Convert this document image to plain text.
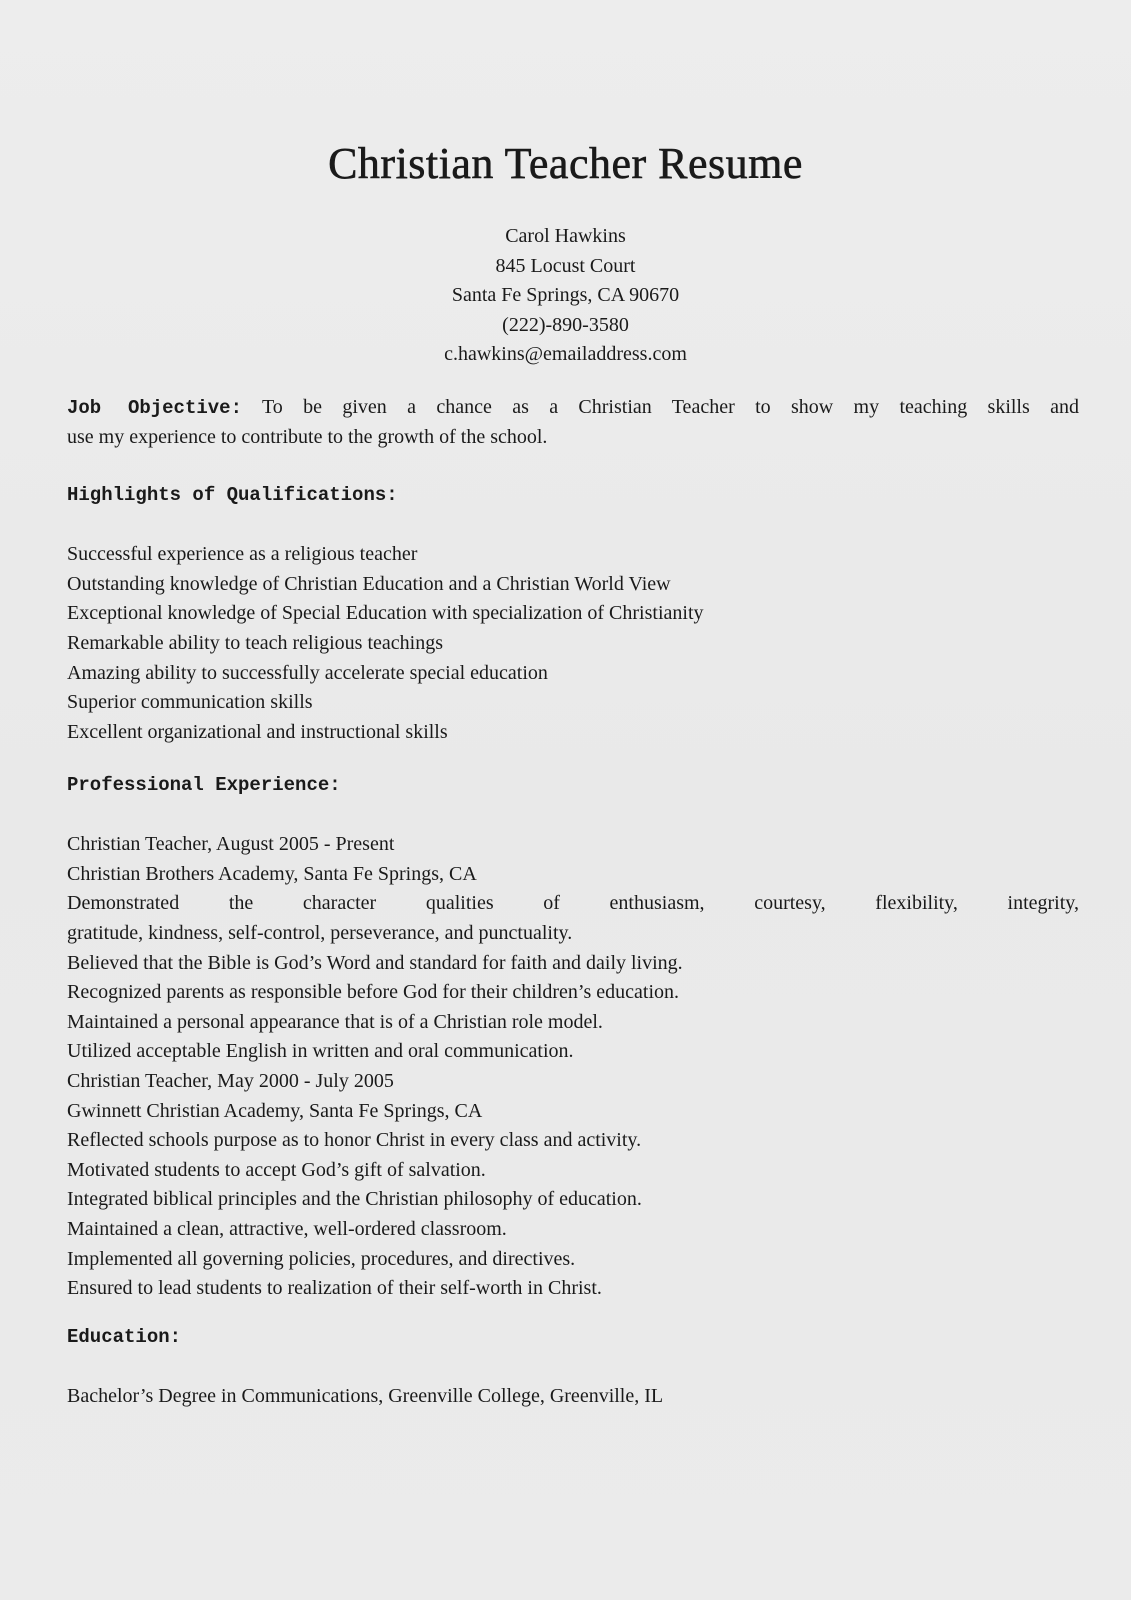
Christian Teacher Resume
Carol Hawkins
845 Locust Court
Santa Fe Springs, CA 90670
(222)-890-3580
c.hawkins@emailaddress.com
Job Objective: To be given a chance as a Christian Teacher to show my teaching skills and
use my experience to contribute to the growth of the school.
Highlights of Qualifications:
Successful experience as a religious teacher
Outstanding knowledge of Christian Education and a Christian World View
Exceptional knowledge of Special Education with specialization of Christianity
Remarkable ability to teach religious teachings
Amazing ability to successfully accelerate special education
Superior communication skills
Excellent organizational and instructional skills
Professional Experience:
Christian Teacher, August 2005 - Present
Christian Brothers Academy, Santa Fe Springs, CA
Demonstrated the character qualities of enthusiasm, courtesy, flexibility, integrity,
gratitude, kindness, self-control, perseverance, and punctuality.
Believed that the Bible is God’s Word and standard for faith and daily living.
Recognized parents as responsible before God for their children’s education.
Maintained a personal appearance that is of a Christian role model.
Utilized acceptable English in written and oral communication.
Christian Teacher, May 2000 - July 2005
Gwinnett Christian Academy, Santa Fe Springs, CA
Reflected schools purpose as to honor Christ in every class and activity.
Motivated students to accept God’s gift of salvation.
Integrated biblical principles and the Christian philosophy of education.
Maintained a clean, attractive, well-ordered classroom.
Implemented all governing policies, procedures, and directives.
Ensured to lead students to realization of their self-worth in Christ.
Education:
Bachelor’s Degree in Communications, Greenville College, Greenville, IL
